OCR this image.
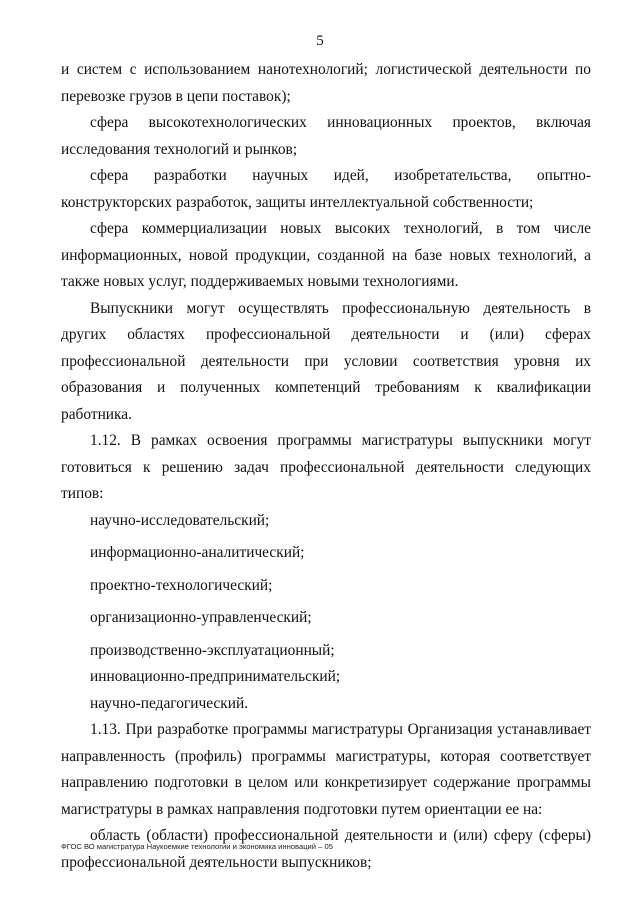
5

и систем с использованием нанотехнологий; логистической деятельности по перевозке грузов в цепи поставок);

сфера высокотехнологических инновационных проектов, включая исследования технологий и рынков;

сфера разработки научных идей, изобретательства, опытно-конструкторских разработок, защиты интеллектуальной собственности;

сфера коммерциализации новых высоких технологий, в том числе информационных, новой продукции, созданной на базе новых технологий, а также новых услуг, поддерживаемых новыми технологиями.

Выпускники могут осуществлять профессиональную деятельность в других областях профессиональной деятельности и (или) сферах профессиональной деятельности при условии соответствия уровня их образования и полученных компетенций требованиям к квалификации работника.

1.12. В рамках освоения программы магистратуры выпускники могут готовиться к решению задач профессиональной деятельности следующих типов:

научно-исследовательский;

информационно-аналитический;

проектно-технологический;

организационно-управленческий;

производственно-эксплуатационный;

инновационно-предпринимательский;

научно-педагогический.

1.13. При разработке программы магистратуры Организация устанавливает направленность (профиль) программы магистратуры, которая соответствует направлению подготовки в целом или конкретизирует содержание программы магистратуры в рамках направления подготовки путем ориентации ее на:

область (области) профессиональной деятельности и (или) сферу (сферы) профессиональной деятельности выпускников;

ФГОС ВО магистратура Наукоемкие технологии и экономика инноваций – 05
